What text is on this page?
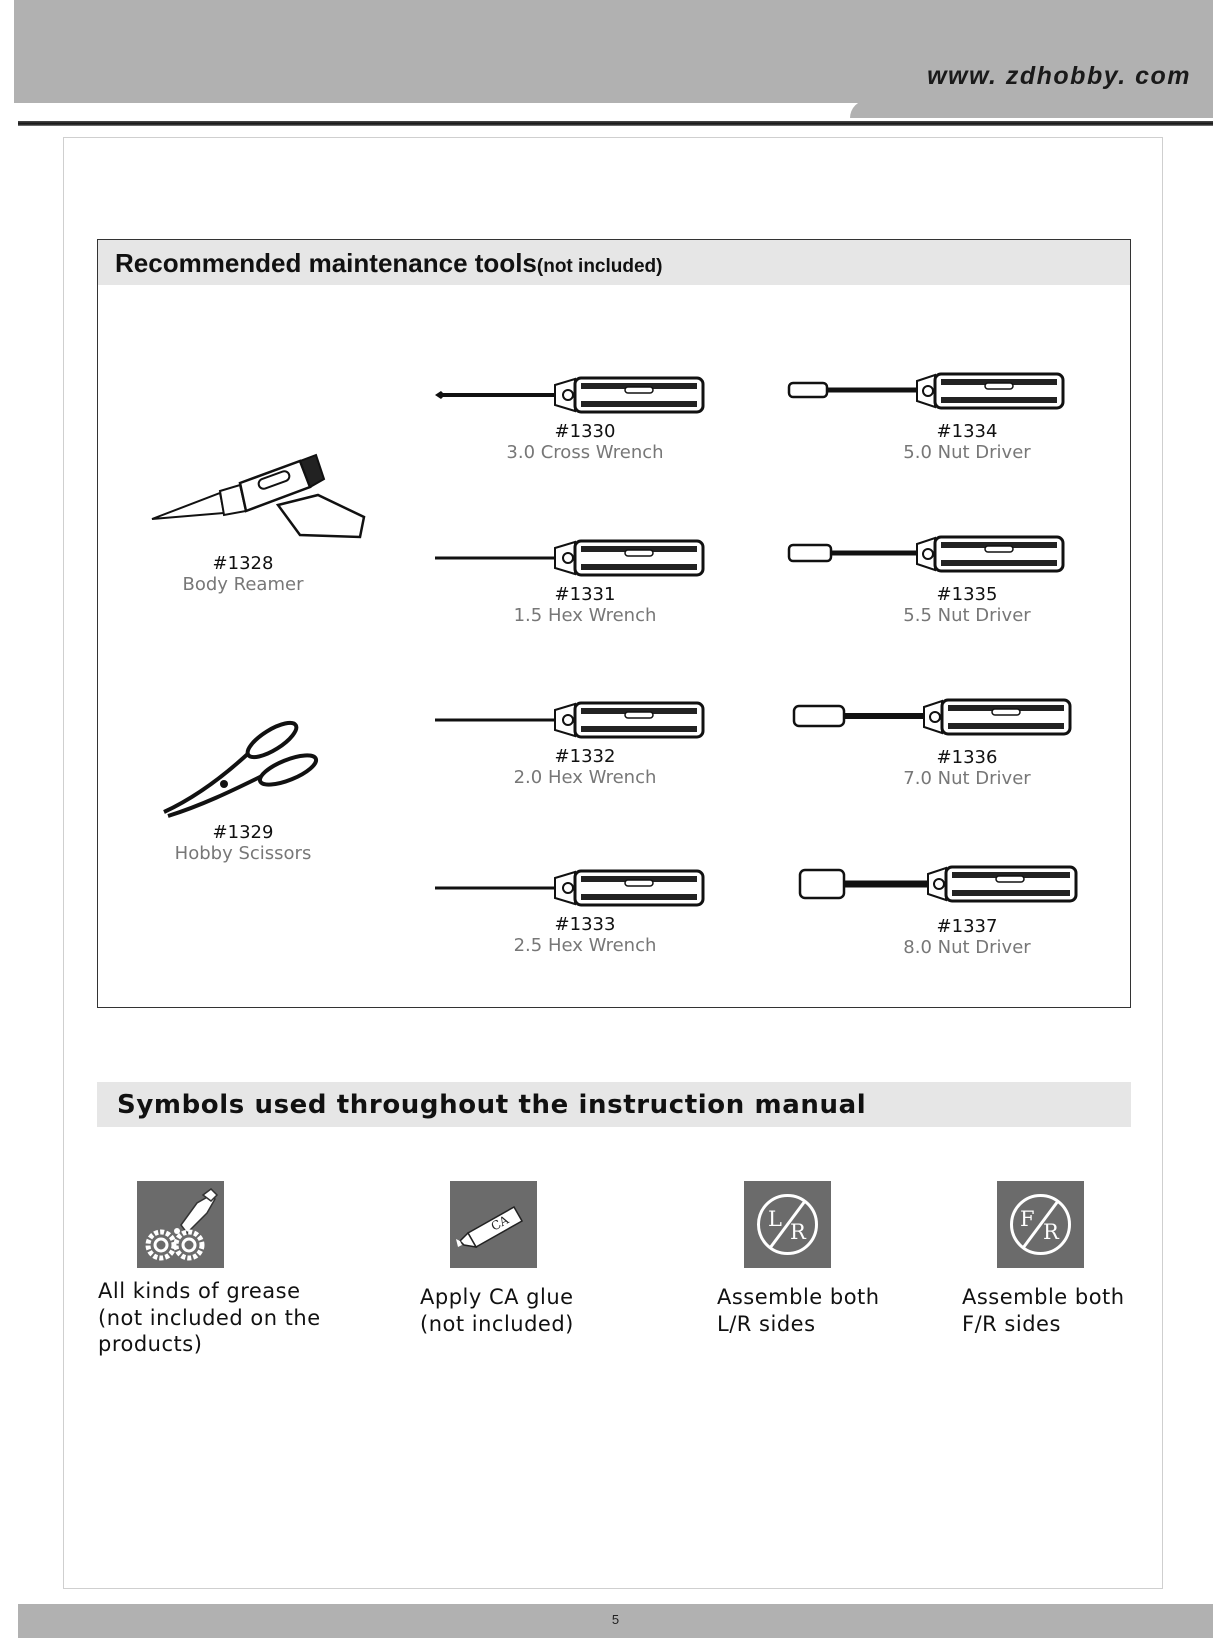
www. zdhobby. com
Recommended maintenance tools(not included)
#1328
Body Reamer
#1329
Hobby Scissors
#1330
3.0 Cross Wrench
#1331
1.5 Hex Wrench
#1332
2.0 Hex Wrench
#1333
2.5 Hex Wrench
#1334
5.0 Nut Driver
#1335
5.5 Nut Driver
#1336
7.0 Nut Driver
#1337
8.0 Nut Driver
Symbols used throughout the instruction manual
All kinds of grease
(not included on the
products)
CA
Apply CA glue
(not included)
L
R
Assemble both
L/R sides
F
R
Assemble both
F/R sides
5
